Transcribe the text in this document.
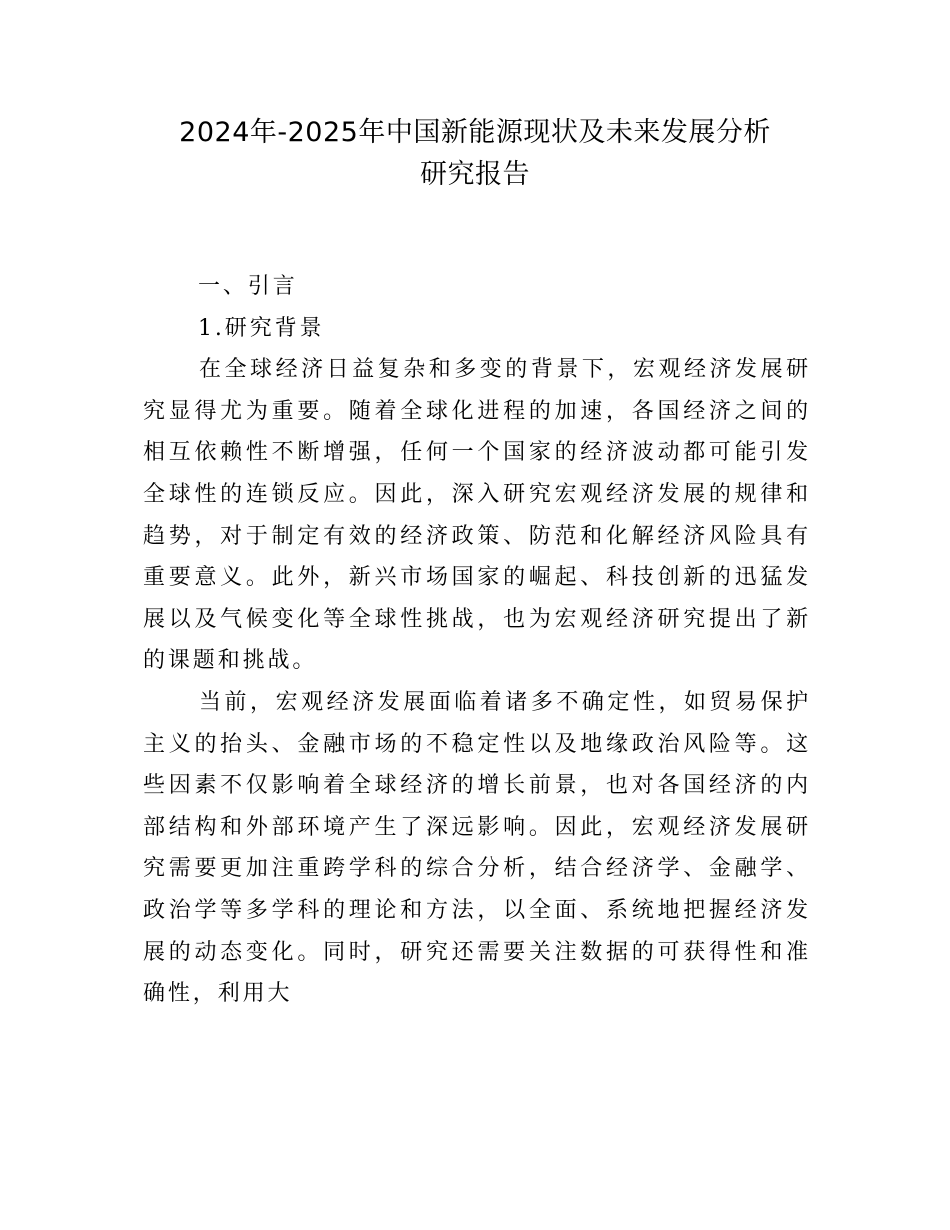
2024年-2025年中国新能源现状及未来发展分析
研究报告

一、引言

1.研究背景

在全球经济日益复杂和多变的背景下，宏观经济发展研究显得尤为重要。随着全球化进程的加速，各国经济之间的相互依赖性不断增强，任何一个国家的经济波动都可能引发全球性的连锁反应。因此，深入研究宏观经济发展的规律和趋势，对于制定有效的经济政策、防范和化解经济风险具有重要意义。此外，新兴市场国家的崛起、科技创新的迅猛发展以及气候变化等全球性挑战，也为宏观经济研究提出了新的课题和挑战。

当前，宏观经济发展面临着诸多不确定性，如贸易保护主义的抬头、金融市场的不稳定性以及地缘政治风险等。这些因素不仅影响着全球经济的增长前景，也对各国经济的内部结构和外部环境产生了深远影响。因此，宏观经济发展研究需要更加注重跨学科的综合分析，结合经济学、金融学、政治学等多学科的理论和方法，以全面、系统地把握经济发展的动态变化。同时，研究还需要关注数据的可获得性和准确性，利用大
